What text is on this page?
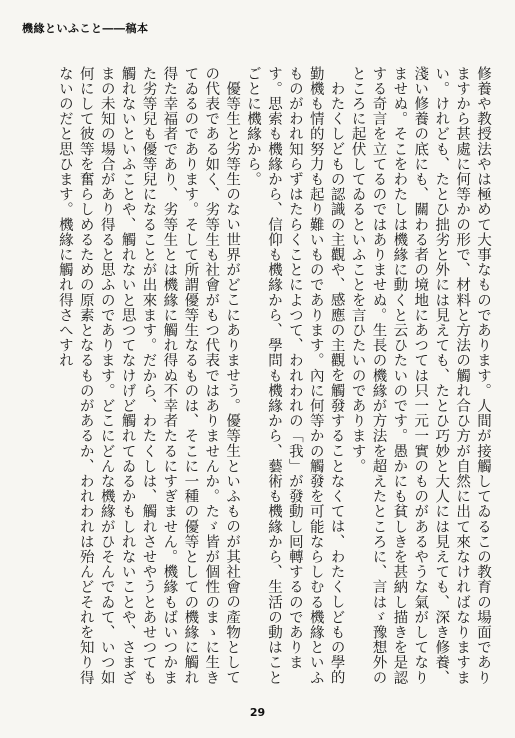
機緣といふこと――稿本

修養や教授法や​は極めて大事なものであります。人間が接觸してゐるこの教育の場面でありますから甚處に何等かの形で、材料と方法の觸れ合ひ方が自然に出て來なければなりますまい。けれども、たとひ拙劣と外には見えても、たとひ巧妙と大人には見えても、深き修養、淺い修養の底にも、關わる者の境地にあつては只一元一實のものがあるやうな氣がしてなりませぬ。そこをわたしは機緣に動くと云ひたいのです。愚かにも貧しきを甚納し描きを是認する奇言を立てるのではありませぬ。生長の機緣が方法を超えたところに、言はゞ豫想外のところに起伏してゐるといふことを言ひたいのであります。

わたくしどもの認識の主觀や、感應の主觀を觸發することなくては、わたくしどもの學的勤機も情的努力も起り難いものであります。內に何等かの觸發を可能ならしむる機緣といふものがわれ知らずはたらくことによつて、われわれの「我」が發動し囘轉するのであります。思索も機緣から、信仰も機緣から、學問も機緣から、藝術も機緣から、生活の動はことごとに機緣から。

優等生と劣等生のない世界がどこにありませう。優等生といふものが其社會の產物としての代表である如く、劣等生も社會がもつ代表ではありませんか。たゞ皆が個性のまゝに生きてゐるのであります。そして所謂優等生なるものは、そこに一種の優等としての機緣に觸れ得た幸福者であり、劣等生とは機緣に觸れ得ぬ不幸者たるにすぎません。機緣もばいつかまた劣等兒も優等兒になることが出來ます。だから、わたくしは、觸れさせやうとあせつても觸れないといふことや、觸れないと思つてなけげど觸れてゐるかもしれないことや、さまざまの未知の場合があり得ると思ふのであります。どこにどんな機緣がひそんでゐて、いつ如何にして彼等を奮らしめるための原素となるものがあるか、われわれは殆んどそれを知り得ないのだと思ひます。機緣に觸れ得さへすれ

29
